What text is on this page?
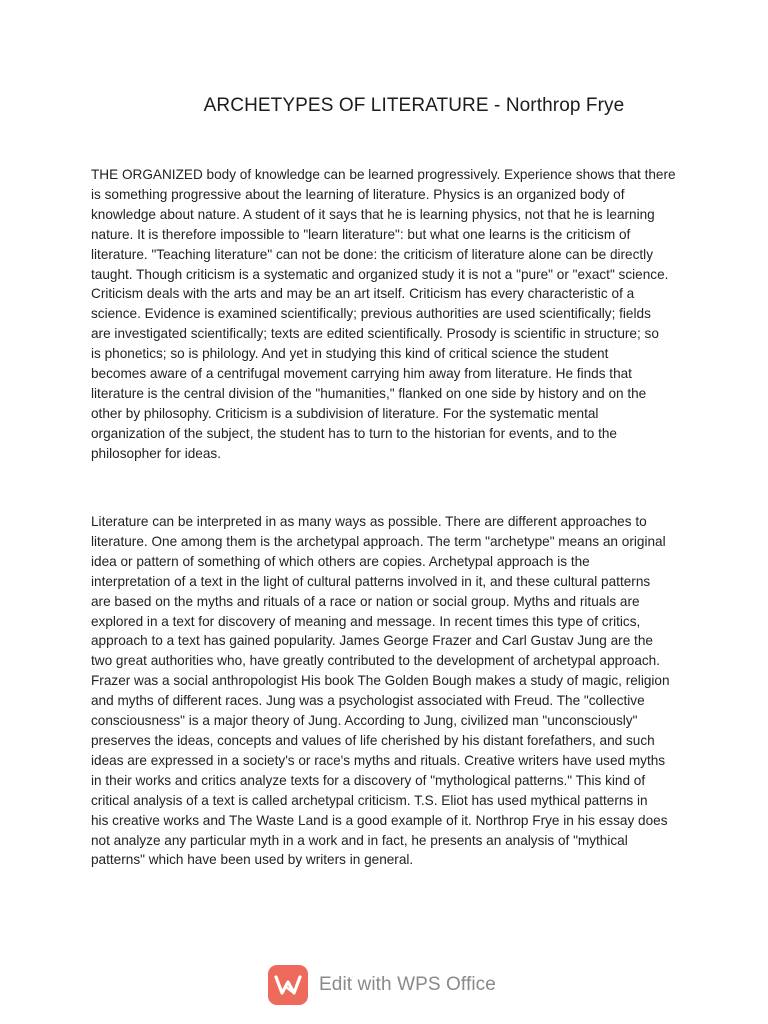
ARCHETYPES OF LITERATURE - Northrop Frye

THE ORGANIZED body of knowledge can be learned progressively. Experience shows that there
is something progressive about the learning of literature. Physics is an organized body of
knowledge about nature. A student of it says that he is learning physics, not that he is learning
nature. It is therefore impossible to "learn literature": but what one learns is the criticism of
literature. "Teaching literature" can not be done: the criticism of literature alone can be directly
taught. Though criticism is a systematic and organized study it is not a "pure" or "exact" science.
Criticism deals with the arts and may be an art itself. Criticism has every characteristic of a
science. Evidence is examined scientifically; previous authorities are used scientifically; fields
are investigated scientifically; texts are edited scientifically. Prosody is scientific in structure; so
is phonetics; so is philology. And yet in studying this kind of critical science the student
becomes aware of a centrifugal movement carrying him away from literature. He finds that
literature is the central division of the "humanities," flanked on one side by history and on the
other by philosophy. Criticism is a subdivision of literature. For the systematic mental
organization of the subject, the student has to turn to the historian for events, and to the
philosopher for ideas.

Literature can be interpreted in as many ways as possible. There are different approaches to
literature. One among them is the archetypal approach. The term "archetype" means an original
idea or pattern of something of which others are copies. Archetypal approach is the
interpretation of a text in the light of cultural patterns involved in it, and these cultural patterns
are based on the myths and rituals of a race or nation or social group. Myths and rituals are
explored in a text for discovery of meaning and message. In recent times this type of critics,
approach to a text has gained popularity. James George Frazer and Carl Gustav Jung are the
two great authorities who, have greatly contributed to the development of archetypal approach.
Frazer was a social anthropologist His book The Golden Bough makes a study of magic, religion
and myths of different races. Jung was a psychologist associated with Freud. The "collective
consciousness" is a major theory of Jung. According to Jung, civilized man "unconsciously"
preserves the ideas, concepts and values of life cherished by his distant forefathers, and such
ideas are expressed in a society's or race's myths and rituals. Creative writers have used myths
in their works and critics analyze texts for a discovery of "mythological patterns." This kind of
critical analysis of a text is called archetypal criticism. T.S. Eliot has used mythical patterns in
his creative works and The Waste Land is a good example of it. Northrop Frye in his essay does
not analyze any particular myth in a work and in fact, he presents an analysis of "mythical
patterns" which have been used by writers in general.

Edit with WPS Office
